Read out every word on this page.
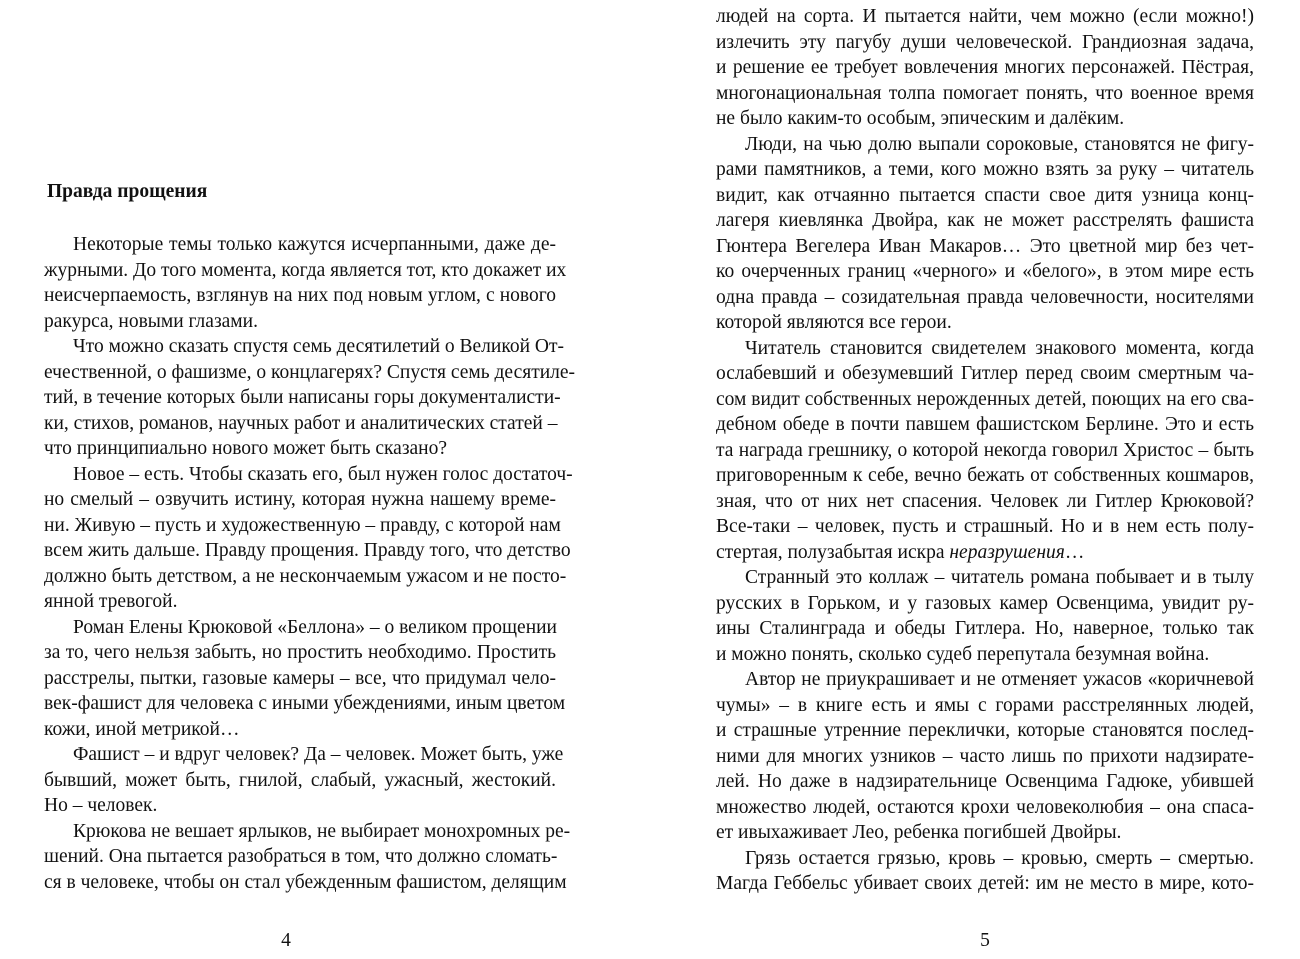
Правда прощения
Некоторые темы только кажутся исчерпанными, даже де-
журными. До того момента, когда является тот, кто докажет их
неисчерпаемость, взглянув на них под новым углом, с нового
ракурса, новыми глазами.
Что можно сказать спустя семь десятилетий о Великой От-
ечественной, о фашизме, о концлагерях? Спустя семь десятиле-
тий, в течение которых были написаны горы документалисти-
ки, стихов, романов, научных работ и аналитических статей –
что принципиально нового может быть сказано?
Новое – есть. Чтобы сказать его, был нужен голос достаточ-
но смелый – озвучить истину, которая нужна нашему време-
ни. Живую – пусть и художественную – правду, с которой нам
всем жить дальше. Правду прощения. Правду того, что детство
должно быть детством, а не нескончаемым ужасом и не посто-
янной тревогой.
Роман Елены Крюковой «Беллона» – о великом прощении
за то, чего нельзя забыть, но простить необходимо. Простить
расстрелы, пытки, газовые камеры – все, что придумал чело-
век-фашист для человека с иными убеждениями, иным цветом
кожи, иной метрикой…
Фашист – и вдруг человек? Да – человек. Может быть, уже
бывший, может быть, гнилой, слабый, ужасный, жестокий.
Но – человек.
Крюкова не вешает ярлыков, не выбирает монохромных ре-
шений. Она пытается разобраться в том, что должно сломать-
ся в человеке, чтобы он стал убежденным фашистом, делящим
4
людей на сорта. И пытается найти, чем можно (если можно!)
излечить эту пагубу души человеческой. Грандиозная задача,
и решение ее требует вовлечения многих персонажей. Пёстрая,
многонациональная толпа помогает понять, что военное время
не было каким-то особым, эпическим и далёким.
Люди, на чью долю выпали сороковые, становятся не фигу-
рами памятников, а теми, кого можно взять за руку – читатель
видит, как отчаянно пытается спасти свое дитя узница конц-
лагеря киевлянка Двойра, как не может расстрелять фашиста
Гюнтера Вегелера Иван Макаров… Это цветной мир без чет-
ко очерченных границ «черного» и «белого», в этом мире есть
одна правда – созидательная правда человечности, носителями
которой являются все герои.
Читатель становится свидетелем знакового момента, когда
ослабевший и обезумевший Гитлер перед своим смертным ча-
сом видит собственных нерожденных детей, поющих на его сва-
дебном обеде в почти павшем фашистском Берлине. Это и есть
та награда грешнику, о которой некогда говорил Христос – быть
приговоренным к себе, вечно бежать от собственных кошмаров,
зная, что от них нет спасения. Человек ли Гитлер Крюковой?
Все-таки – человек, пусть и страшный. Но и в нем есть полу-
стертая, полузабытая искра неразрушения…
Странный это коллаж – читатель романа побывает и в тылу
русских в Горьком, и у газовых камер Освенцима, увидит ру-
ины Сталинграда и обеды Гитлера. Но, наверное, только так
и можно понять, сколько судеб перепутала безумная война.
Автор не приукрашивает и не отменяет ужасов «коричневой
чумы» – в книге есть и ямы с горами расстрелянных людей,
и страшные утренние переклички, которые становятся послед-
ними для многих узников – часто лишь по прихоти надзирате-
лей. Но даже в надзирательнице Освенцима Гадюке, убившей
множество людей, остаются крохи человеколюбия – она спаса-
ет ивыхаживает Лео, ребенка погибшей Двойры.
Грязь остается грязью, кровь – кровью, смерть – смертью.
Магда Геббельс убивает своих детей: им не место в мире, кото-
5
